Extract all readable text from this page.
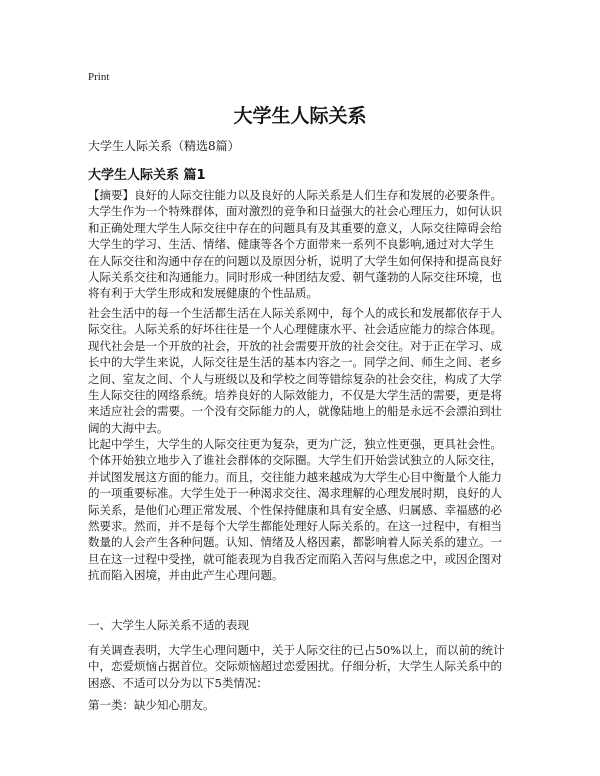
Print
大学生人际关系
大学生人际关系（精选8篇）
大学生人际关系 篇1
【摘要】良好的人际交往能力以及良好的人际关系是人们生存和发展的必要条件。
大学生作为一个特殊群体，面对激烈的竞争和日益强大的社会心理压力，如何认识
和正确处理大学生人际交往中存在的问题具有及其重要的意义，人际交往障碍会给
大学生的学习、生活、情绪、健康等各个方面带来一系列不良影响,通过对大学生
在人际交往和沟通中存在的问题以及原因分析，说明了大学生如何保持和提高良好
人际关系交往和沟通能力。同时形成一种团结友爱、朝气蓬勃的人际交往环境，也
将有利于大学生形成和发展健康的个性品质。
社会生活中的每一个生活都生活在人际关系网中，每个人的成长和发展都依存于人
际交往。人际关系的好坏往往是一个人心理健康水平、社会适应能力的综合体现。
现代社会是一个开放的社会，开放的社会需要开放的社会交往。对于正在学习、成
长中的大学生来说，人际交往是生活的基本内容之一。同学之间、师生之间、老乡
之间、室友之间、个人与班级以及和学校之间等错综复杂的社会交往，构成了大学
生人际交往的网络系统。培养良好的人际效能力，不仅是大学生活的需要，更是将
来适应社会的需要。一个没有交际能力的人，就像陆地上的船是永远不会漂泊到壮
阔的大海中去。
比起中学生，大学生的人际交往更为复杂，更为广泛，独立性更强，更具社会性。
个体开始独立地步入了谁社会群体的交际圈。大学生们开始尝试独立的人际交往，
并试图发展这方面的能力。而且，交往能力越来越成为大学生心目中衡量个人能力
的一项重要标准。大学生处于一种渴求交往、渴求理解的心理发展时期，良好的人
际关系，是他们心理正常发展、个性保持健康和具有安全感、归属感、幸福感的必
然要求。然而，并不是每个大学生都能处理好人际关系的。在这一过程中，有相当
数量的人会产生各种问题。认知、情绪及人格因素，都影响着人际关系的建立。一
旦在这一过程中受挫，就可能表现为自我否定而陷入苦闷与焦虑之中，或因企图对
抗而陷入困境，并由此产生心理问题。
一、大学生人际关系不适的表现
有关调查表明，大学生心理问题中，关于人际交往的已占50%以上，而以前的统计
中，恋爱烦恼占据首位。交际烦恼超过恋爱困扰。仔细分析，大学生人际关系中的
困惑、不适可以分为以下5类情况：
第一类：缺少知心朋友。
